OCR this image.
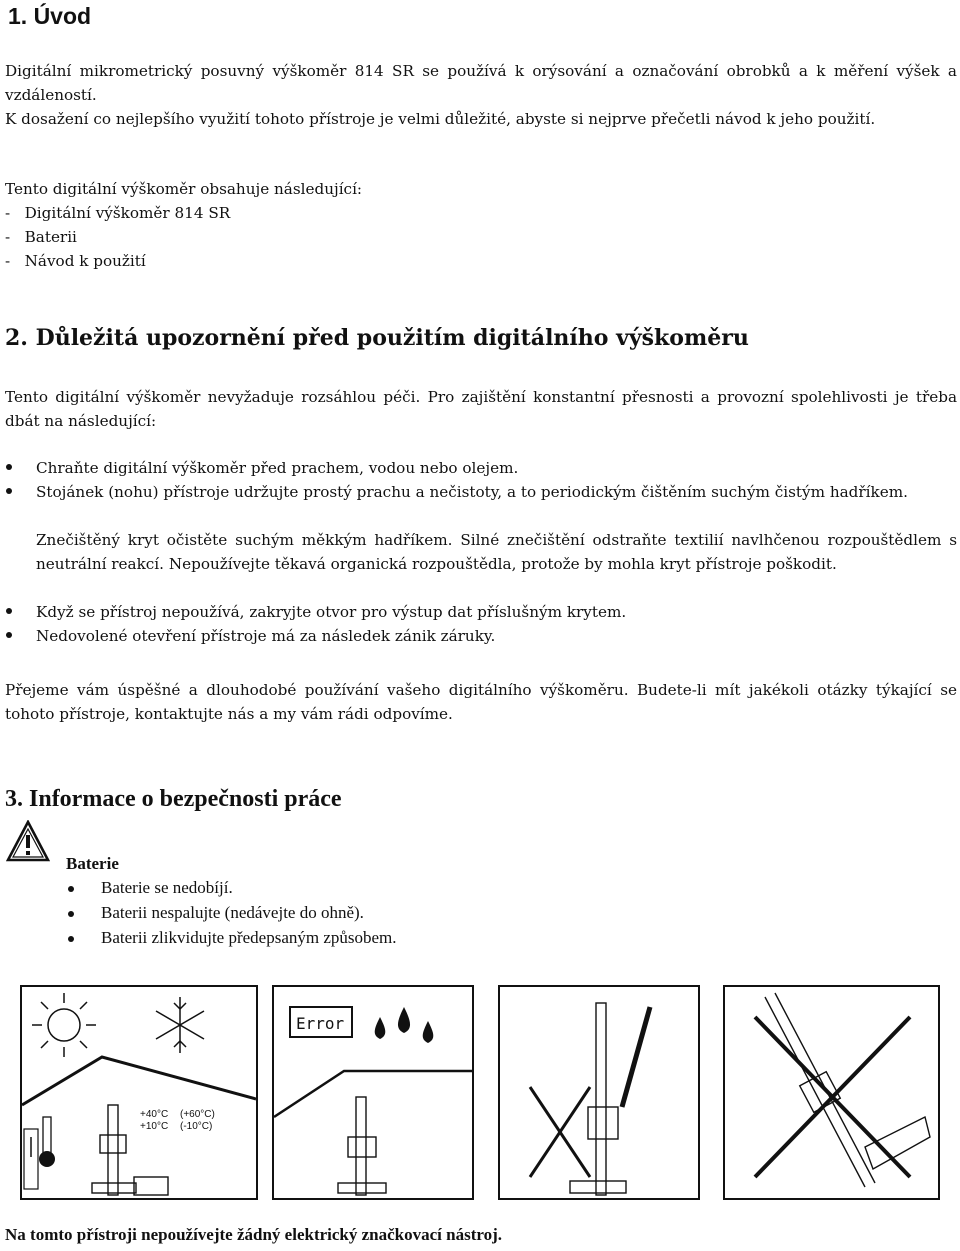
1. Úvod
Digitální mikrometrický posuvný výškoměr 814 SR se používá k orýsování a označování obrobků a k měření výšek a vzdáleností.
K dosažení co nejlepšího využití tohoto přístroje je velmi důležité, abyste si nejprve přečetli návod k jeho použití.
Tento digitální výškoměr obsahuje následující:
-   Digitální výškoměr 814 SR
-   Baterii
-   Návod k použití
2. Důležitá upozornění před použitím digitálního výškoměru
Tento digitální výškoměr nevyžaduje rozsáhlou péči. Pro zajištění konstantní přesnosti a provozní spolehlivosti je třeba dbát na následující:
Chraňte digitální výškoměr před prachem, vodou nebo olejem.
Stojánek (nohu) přístroje udržujte prostý prachu a nečistoty, a to periodickým čištěním suchým čistým hadříkem.
Znečištěný kryt očistěte suchým měkkým hadříkem. Silné znečištění odstraňte textilií navlhčenou rozpouštědlem s neutrální reakcí. Nepoužívejte těkavá organická rozpouštědla, protože by mohla kryt přístroje poškodit.
Když se přístroj nepoužívá, zakryjte otvor pro výstup dat příslušným krytem.
Nedovolené otevření přístroje má za následek zánik záruky.
Přejeme vám úspěšné a dlouhodobé používání vašeho digitálního výškoměru. Budete-li mít jakékoli otázky týkající se tohoto přístroje, kontaktujte nás a my vám rádi odpovíme.
3. Informace o bezpečnosti práce
Baterie
Baterie se nedobíjí.
Baterii nespalujte (nedávejte do ohně).
Baterii zlikvidujte předepsaným způsobem.
+40°C
+10°C
(+60°C)
(-10°C)
Error
Na tomto přístroji nepoužívejte žádný elektrický značkovací nástroj.
